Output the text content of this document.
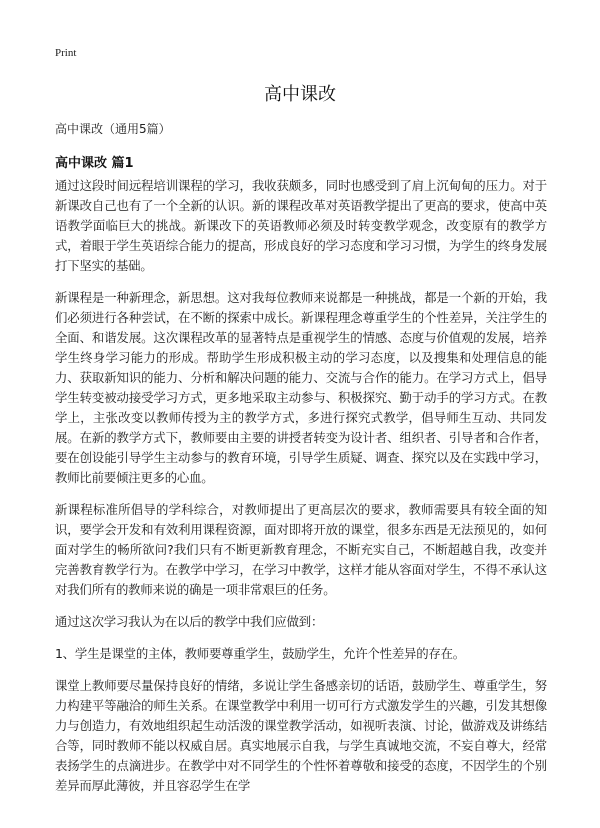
Print
高中课改
高中课改（通用5篇）
高中课改 篇1

通过这段时间远程培训课程的学习，我收获颇多，同时也感受到了肩上沉甸甸的压力。对于新课改自己也有了一个全新的认识。新的课程改革对英语教学提出了更高的要求，使高中英语教学面临巨大的挑战。新课改下的英语教师必须及时转变教学观念，改变原有的教学方式，着眼于学生英语综合能力的提高，形成良好的学习态度和学习习惯，为学生的终身发展打下坚实的基础。

新课程是一种新理念，新思想。这对我每位教师来说都是一种挑战，都是一个新的开始，我们必须进行各种尝试，在不断的探索中成长。新课程理念尊重学生的个性差异，关注学生的全面、和谐发展。这次课程改革的显著特点是重视学生的情感、态度与价值观的发展，培养学生终身学习能力的形成。帮助学生形成积极主动的学习态度，以及搜集和处理信息的能力、获取新知识的能力、分析和解决问题的能力、交流与合作的能力。在学习方式上，倡导学生转变被动接受学习方式，更多地采取主动参与、积极探究、勤于动手的学习方式。在教学上，主张改变以教师传授为主的教学方式，多进行探究式教学，倡导师生互动、共同发展。在新的教学方式下，教师要由主要的讲授者转变为设计者、组织者、引导者和合作者，要在创设能引导学生主动参与的教育环境，引导学生质疑、调查、探究以及在实践中学习，教师比前要倾注更多的心血。

新课程标准所倡导的学科综合，对教师提出了更高层次的要求，教师需要具有较全面的知识，要学会开发和有效利用课程资源，面对即将开放的课堂，很多东西是无法预见的，如何面对学生的畅所欲问?我们只有不断更新教育理念，不断充实自己，不断超越自我，改变并完善教育教学行为。在教学中学习，在学习中教学，这样才能从容面对学生，不得不承认这对我们所有的教师来说的确是一项非常艰巨的任务。

通过这次学习我认为在以后的教学中我们应做到：

1、学生是课堂的主体，教师要尊重学生，鼓励学生，允许个性差异的存在。

课堂上教师要尽量保持良好的情绪，多说让学生备感亲切的话语，鼓励学生、尊重学生，努力构建平等融洽的师生关系。在课堂教学中利用一切可行方式激发学生的兴趣，引发其想像力与创造力，有效地组织起生动活泼的课堂教学活动，如视听表演、讨论，做游戏及讲练结合等，同时教师不能以权威自居。真实地展示自我，与学生真诚地交流，不妄自尊大，经常表扬学生的点滴进步。在教学中对不同学生的个性怀着尊敬和接受的态度，不因学生的个别差异而厚此薄彼，并且容忍学生在学
